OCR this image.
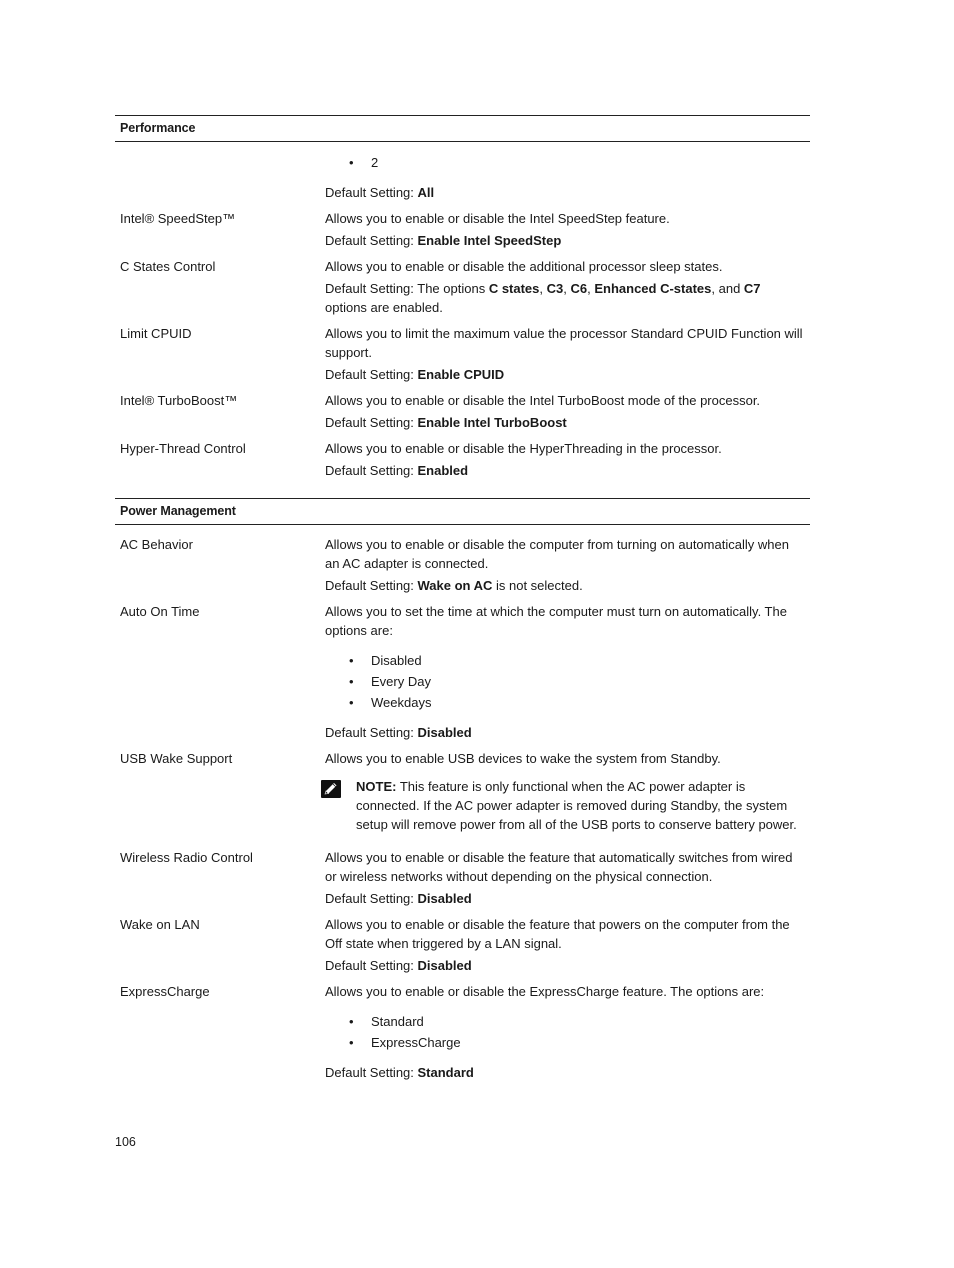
Performance
• 2

Default Setting: All

Intel® SpeedStep™	Allows you to enable or disable the Intel SpeedStep feature.

Default Setting: Enable Intel SpeedStep

C States Control	Allows you to enable or disable the additional processor sleep states.

Default Setting: The options C states, C3, C6, Enhanced C-states, and C7 options are enabled.

Limit CPUID	Allows you to limit the maximum value the processor Standard CPUID Function will support.

Default Setting: Enable CPUID

Intel® TurboBoost™	Allows you to enable or disable the Intel TurboBoost mode of the processor.

Default Setting: Enable Intel TurboBoost

Hyper-Thread Control	Allows you to enable or disable the HyperThreading in the processor.

Default Setting: Enabled

Power Management
AC Behavior	Allows you to enable or disable the computer from turning on automatically when an AC adapter is connected.

Default Setting: Wake on AC is not selected.

Auto On Time	Allows you to set the time at which the computer must turn on automatically. The options are:

• Disabled
• Every Day
• Weekdays

Default Setting: Disabled

USB Wake Support	Allows you to enable USB devices to wake the system from Standby.

NOTE: This feature is only functional when the AC power adapter is connected. If the AC power adapter is removed during Standby, the system setup will remove power from all of the USB ports to conserve battery power.

Wireless Radio Control	Allows you to enable or disable the feature that automatically switches from wired or wireless networks without depending on the physical connection.

Default Setting: Disabled

Wake on LAN	Allows you to enable or disable the feature that powers on the computer from the Off state when triggered by a LAN signal.

Default Setting: Disabled

ExpressCharge	Allows you to enable or disable the ExpressCharge feature. The options are:

• Standard
• ExpressCharge

Default Setting: Standard

106
